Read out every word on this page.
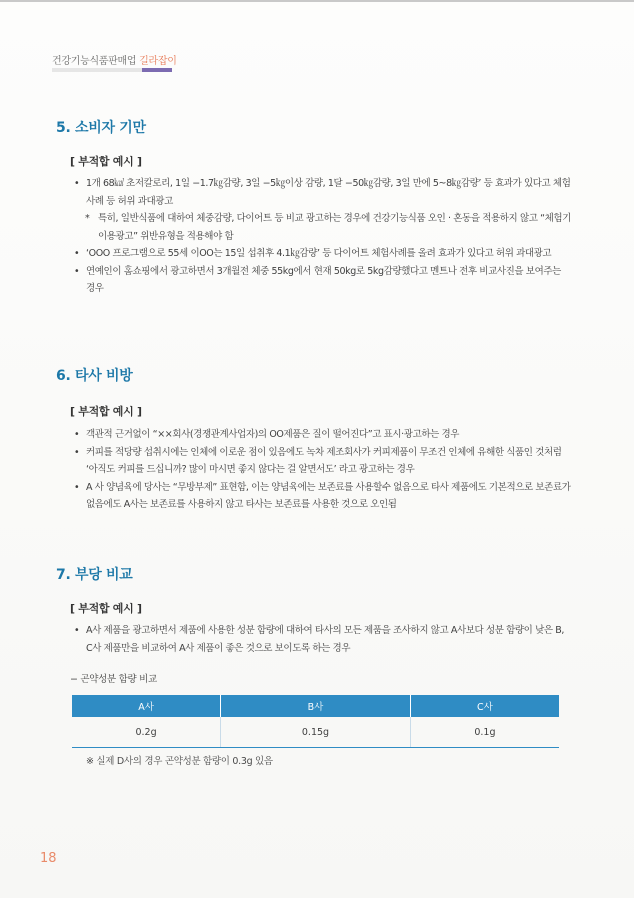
건강기능식품판매업 길라잡이
5. 소비자 기만
[ 부적합 예시 ]
• 1개 68㎉ 초저칼로리, 1일 −1.7㎏감량, 3일 −5㎏이상 감량, 1달 −50㎏감량, 3일 만에 5~8㎏감량’ 등 효과가 있다고 체험사례 등 허위 과대광고
* 특히, 일반식품에 대하여 체중감량, 다이어트 등 비교 광고하는 경우에 건강기능식품 오인 · 혼동을 적용하지 않고 “체험기 이용광고” 위반유형을 적용해야 함
• ‘OOO 프로그램으로 55세 이OO는 15일 섭취후 4.1㎏감량’ 등 다이어트 체험사례를 올려 효과가 있다고 허위 과대광고
• 연예인이 홈쇼핑에서 광고하면서 3개월전 체중 55kg에서 현재 50kg로 5kg감량했다고 멘트나 전후 비교사진을 보여주는 경우
6. 타사 비방
[ 부적합 예시 ]
• 객관적 근거없이 “××회사(경쟁관계사업자)의 OO제품은 질이 떨어진다”고 표시·광고하는 경우
• 커피를 적당량 섭취시에는 인체에 이로운 점이 있음에도 녹차 제조회사가 커피제품이 무조건 인체에 유해한 식품인 것처럼 ‘아직도 커피를 드십니까? 많이 마시면 좋지 않다는 걸 알면서도’ 라고 광고하는 경우
• A 사 양념육에 당사는 “무방부제” 표현함, 이는 양념육에는 보존료를 사용할수 없음으로 타사 제품에도 기본적으로 보존료가 없음에도 A사는 보존료를 사용하지 않고 타사는 보존료를 사용한 것으로 오인됨
7. 부당 비교
[ 부적합 예시 ]
• A사 제품을 광고하면서 제품에 사용한 성분 함량에 대하여 타사의 모든 제품을 조사하지 않고 A사보다 성분 함량이 낮은 B, C사 제품만을 비교하여 A사 제품이 좋은 것으로 보이도록 하는 경우
− 곤약성분 함량 비교
A사	B사	C사
0.2g	0.15g	0.1g
※ 실제 D사의 경우 곤약성분 함량이 0.3g 있음
18
